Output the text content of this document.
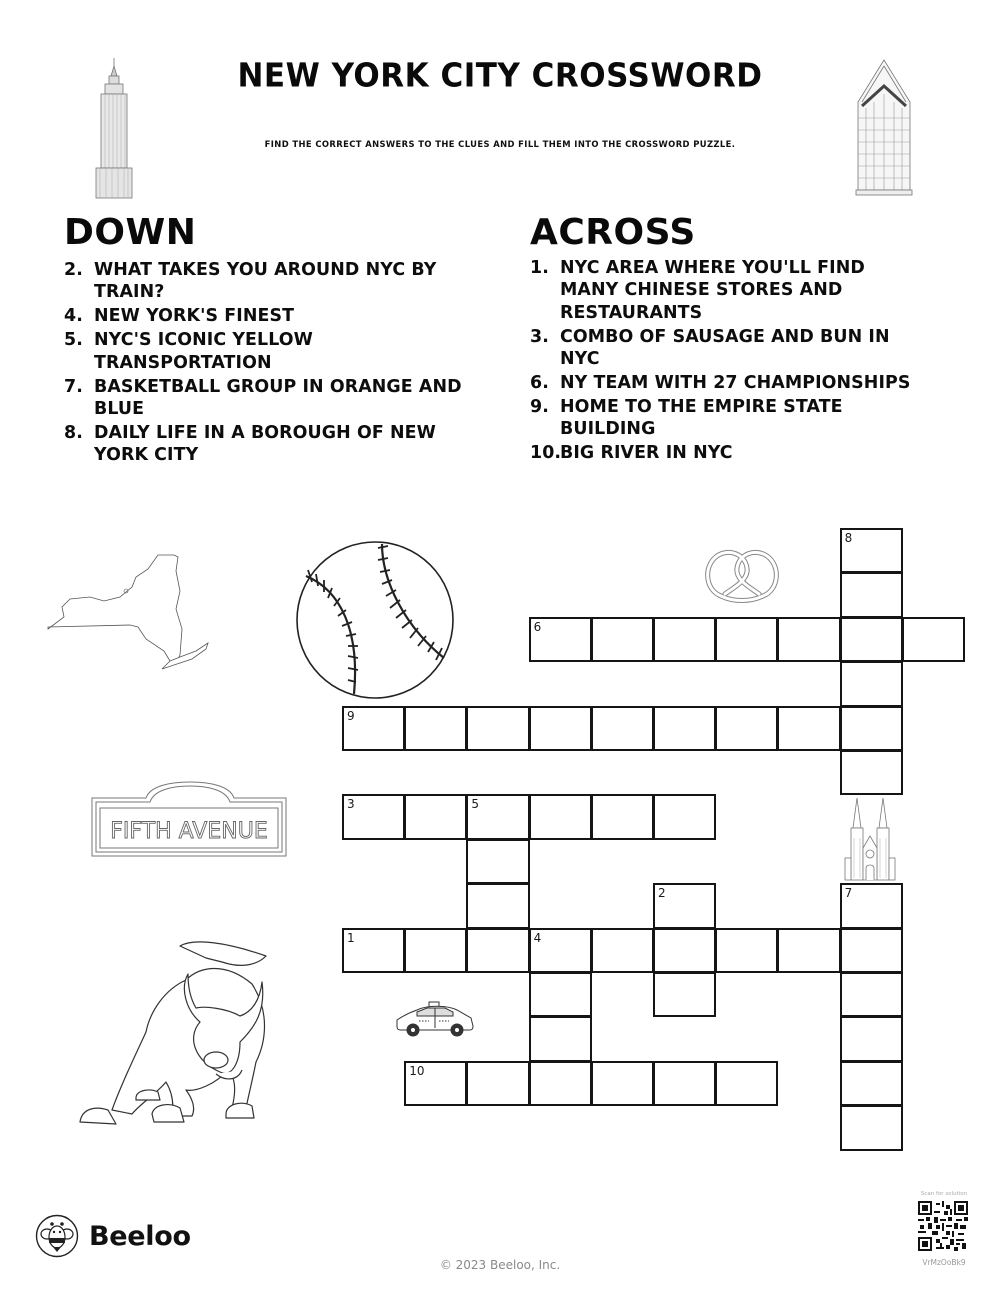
NEW YORK CITY CROSSWORD
FIND THE CORRECT ANSWERS TO THE CLUES AND FILL THEM INTO THE CROSSWORD PUZZLE.
DOWN
2. WHAT TAKES YOU AROUND NYC BY TRAIN?
4. NEW YORK'S FINEST
5. NYC'S ICONIC YELLOW TRANSPORTATION
7. BASKETBALL GROUP IN ORANGE AND BLUE
8. DAILY LIFE IN A BOROUGH OF NEW YORK CITY
ACROSS
1. NYC AREA WHERE YOU'LL FIND MANY CHINESE STORES AND RESTAURANTS
3. COMBO OF SAUSAGE AND BUN IN NYC
6. NY TEAM WITH 27 CHAMPIONSHIPS
9. HOME TO THE EMPIRE STATE BUILDING
10.BIG RIVER IN NYC
FIFTH AVENUE
8
6
9
3	5
2	7
1	4
10
Beeloo
© 2023 Beeloo, Inc.
Scan for solution
VrMzOoBk9
